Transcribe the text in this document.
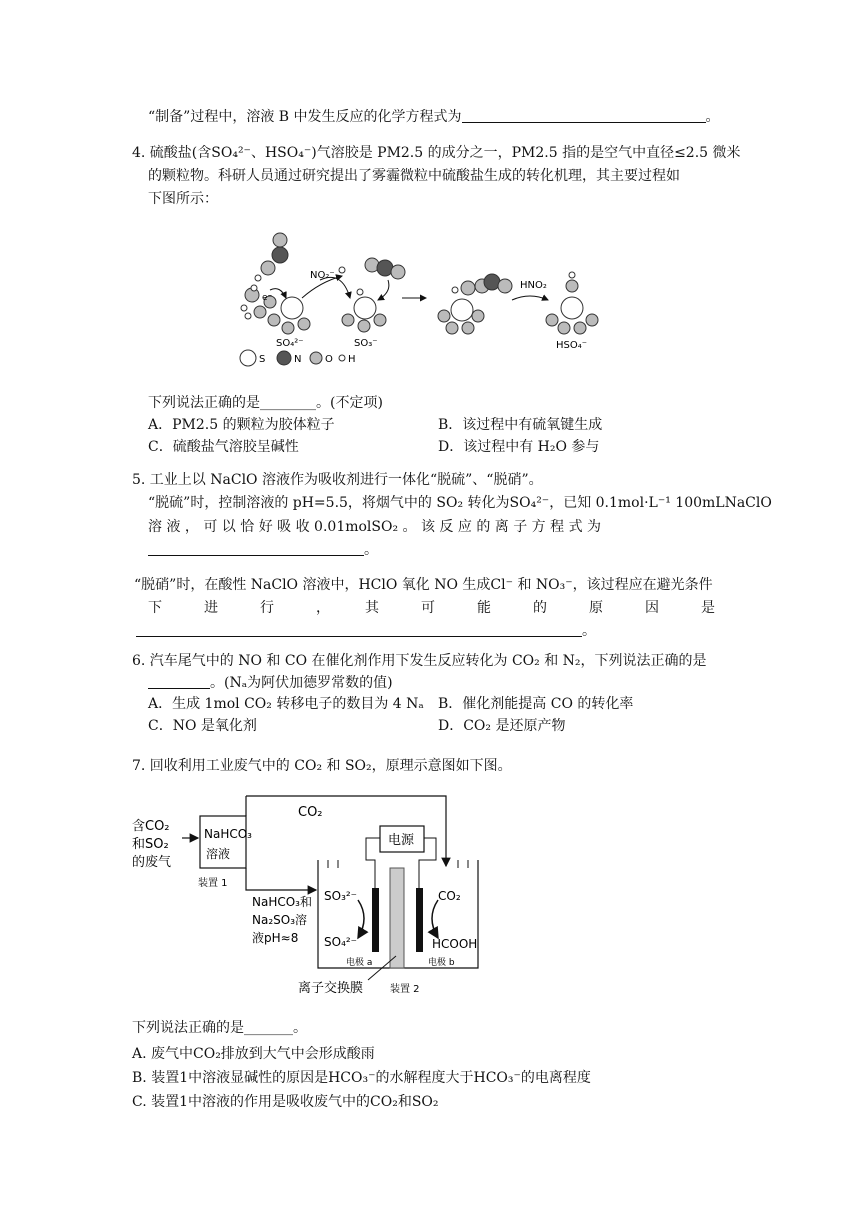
“制备”过程中，溶液 B 中发生反应的化学方程式为	。
4. 硫酸盐(含SO₄²⁻、HSO₄⁻)气溶胶是 PM2.5 的成分之一，PM2.5 指的是空气中直径≤2.5 微米
的颗粒物。科研人员通过研究提出了雾霾微粒中硫酸盐生成的转化机理，其主要过程如
下图所示：
NO₂⁻
e⁻
SO₄²⁻	SO₃⁻
HNO₂
HSO₄⁻
S	N O H
下列说法正确的是________。(不定项)
A．PM2.5 的颗粒为胶体粒子	B．该过程中有硫氧键生成
C．硫酸盐气溶胶呈碱性	D．该过程中有 H₂O 参与
5. 工业上以 NaClO 溶液作为吸收剂进行一体化“脱硫”、“脱硝”。
“脱硫”时，控制溶液的 pH=5.5，将烟气中的 SO₂ 转化为SO₄²⁻，已知 0.1mol·L⁻¹ 100mLNaClO
溶 液 ， 可 以 恰 好 吸 收 0.01molSO₂ 。 该 反 应 的 离 子 方 程 式 为
。
“脱硝”时，在酸性 NaClO 溶液中，HClO 氧化 NO 生成Cl⁻ 和 NO₃⁻，该过程应在避光条件
下　　　进　　　行　　　，　　　其　　　可　　　能　　　的　　　原　　　因　　　是
。
6. 汽车尾气中的 NO 和 CO 在催化剂作用下发生反应转化为 CO₂ 和 N₂，下列说法正确的是
。(Nₐ为阿伏加德罗常数的值)
A．生成 1mol CO₂ 转移电子的数目为 4 Nₐ B．催化剂能提高 CO 的转化率
C．NO 是氧化剂	D．CO₂ 是还原产物
7. 回收利用工业废气中的 CO₂ 和 SO₂，原理示意图如下图。
含CO₂
和SO₂
的废气
NaHCO₃
溶液
装置 1
CO₂
电源
SO₃²⁻
SO₄²⁻
CO₂
HCOOH
电极 a	电极 b
NaHCO₃和
Na₂SO₃溶
液pH≈8
离子交换膜	装置 2
下列说法正确的是_______。
A. 废气中CO₂排放到大气中会形成酸雨
B. 装置1中溶液显碱性的原因是HCO₃⁻的水解程度大于HCO₃⁻的电离程度
C. 装置1中溶液的作用是吸收废气中的CO₂和SO₂
